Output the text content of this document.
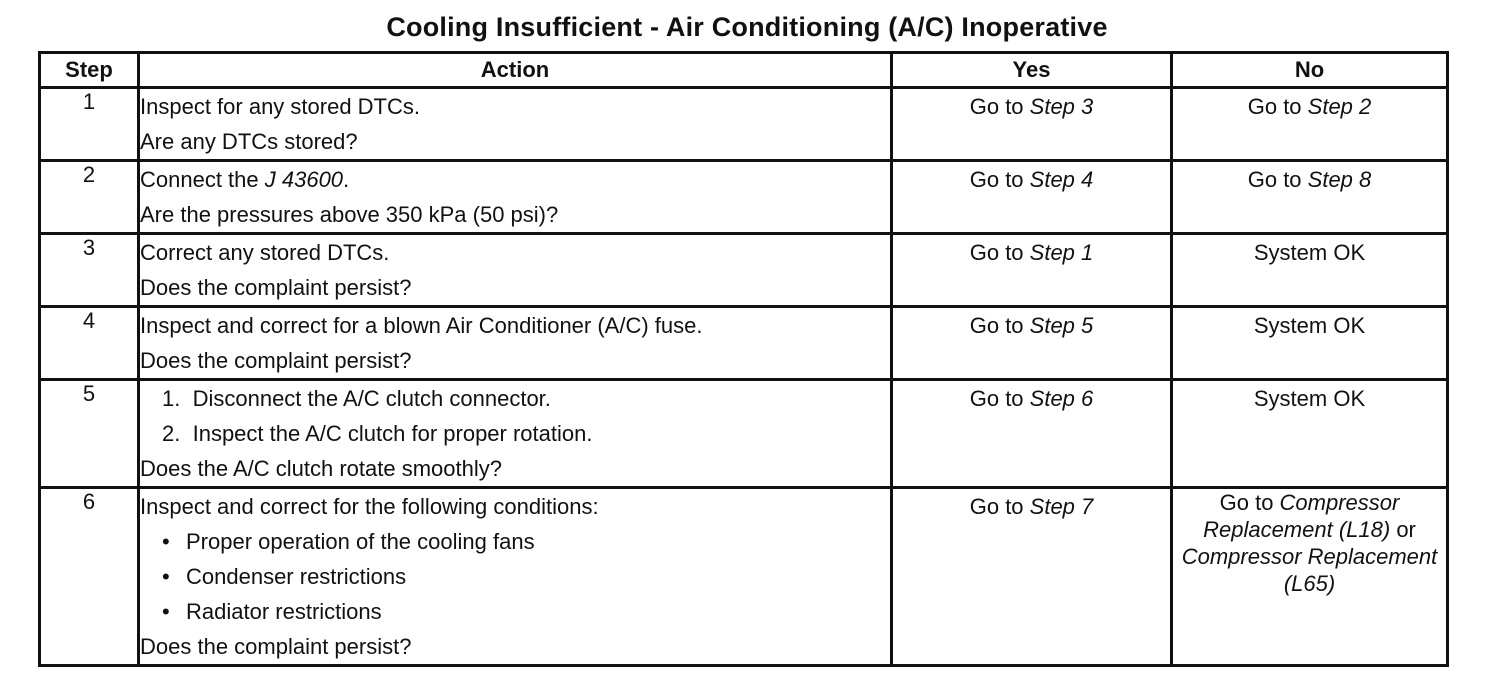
Cooling Insufficient - Air Conditioning (A/C) Inoperative
Step	Action	Yes	No
1	Inspect for any stored DTCs.
Are any DTCs stored?	Go to Step 3	Go to Step 2

2	Connect the J 43600.
Are the pressures above 350 kPa (50 psi)?	Go to Step 4	Go to Step 8

3	Correct any stored DTCs.
Does the complaint persist?	Go to Step 1	System OK

4	Inspect and correct for a blown Air Conditioner (A/C) fuse.
Does the complaint persist?	Go to Step 5	System OK

5	1. Disconnect the A/C clutch connector.
2. Inspect the A/C clutch for proper rotation.
Does the A/C clutch rotate smoothly?	Go to Step 6	System OK

6	Inspect and correct for the following conditions:
• Proper operation of the cooling fans
• Condenser restrictions
• Radiator restrictions
Does the complaint persist?	Go to Step 7	Go to Compressor Replacement (L18) or Compressor Replacement (L65)
